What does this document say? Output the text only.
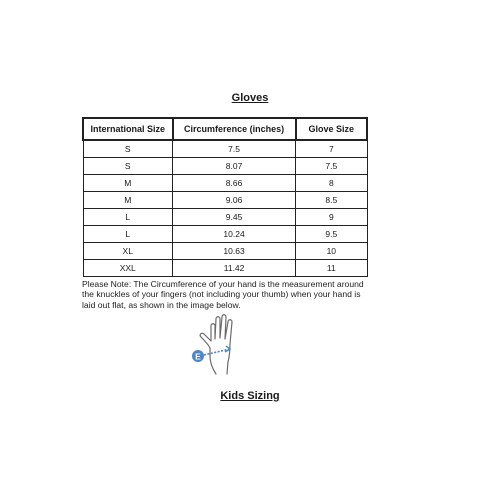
Gloves
International Size	Circumference (inches)	Glove Size
S	7.5	7
S	8.07	7.5
M	8.66	8
M	9.06	8.5
L	9.45	9
L	10.24	9.5
XL	10.63	10
XXL	11.42	11
Please Note: The Circumference of your hand is the measurement around the knuckles of your fingers (not including your thumb) when your hand is laid out flat, as shown in the image below.
E
Kids Sizing
